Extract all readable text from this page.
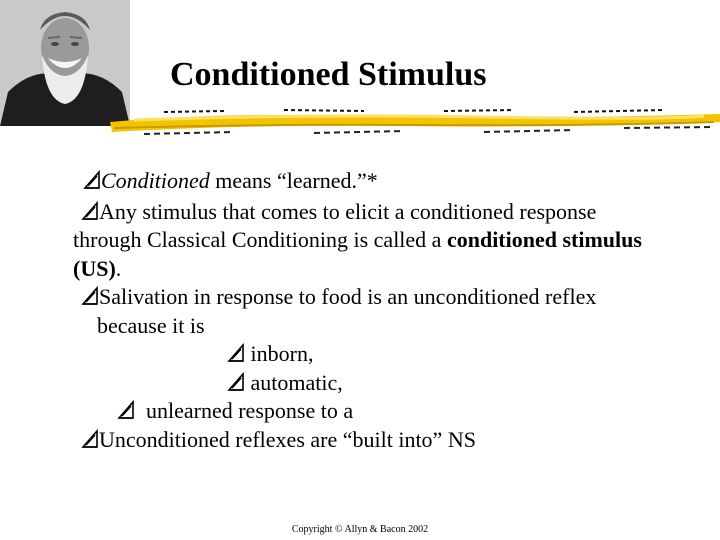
Conditioned Stimulus
Conditioned means “learned.”*
Any stimulus that comes to elicit a conditioned response
through Classical Conditioning is called a conditioned stimulus
(US).
Salivation in response to food is an unconditioned reflex
because it is
inborn,
automatic,
unlearned response to a
Unconditioned reflexes are “built into” NS
Copyright © Allyn & Bacon 2002
